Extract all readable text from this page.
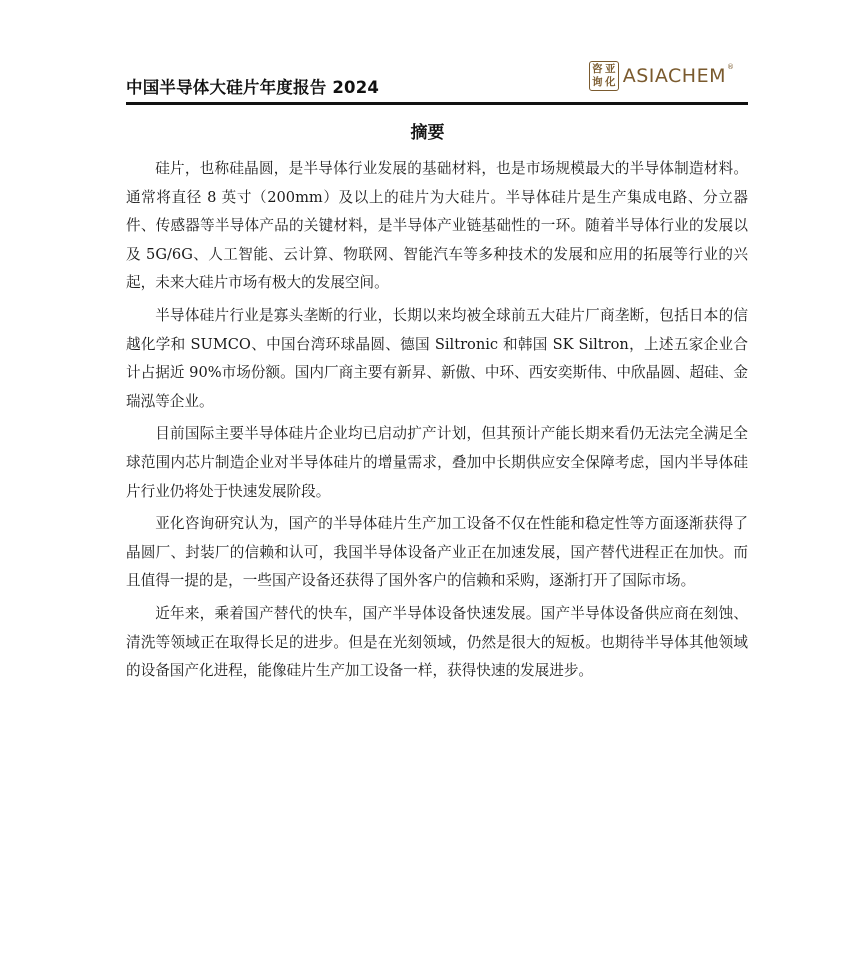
中国半导体大硅片年度报告 2024
咨 亚
询 化 ASIACHEM ®
摘要

硅片，也称硅晶圆，是半导体行业发展的基础材料，也是市场规模最大的半导体制造材料。通常将直径 8 英寸（200mm）及以上的硅片为大硅片。半导体硅片是生产集成电路、分立器件、传感器等半导体产品的关键材料，是半导体产业链基础性的一环。随着半导体行业的发展以及 5G/6G、人工智能、云计算、物联网、智能汽车等多种技术的发展和应用的拓展等行业的兴起，未来大硅片市场有极大的发展空间。

半导体硅片行业是寡头垄断的行业，长期以来均被全球前五大硅片厂商垄断，包括日本的信越化学和 SUMCO、中国台湾环球晶圆、德国 Siltronic 和韩国 SK Siltron，上述五家企业合计占据近 90%市场份额。国内厂商主要有新昇、新傲、中环、西安奕斯伟、中欣晶圆、超硅、金瑞泓等企业。

目前国际主要半导体硅片企业均已启动扩产计划，但其预计产能长期来看仍无法完全满足全球范围内芯片制造企业对半导体硅片的增量需求，叠加中长期供应安全保障考虑，国内半导体硅片行业仍将处于快速发展阶段。

亚化咨询研究认为，国产的半导体硅片生产加工设备不仅在性能和稳定性等方面逐渐获得了晶圆厂、封装厂的信赖和认可，我国半导体设备产业正在加速发展，国产替代进程正在加快。而且值得一提的是，一些国产设备还获得了国外客户的信赖和采购，逐渐打开了国际市场。

近年来，乘着国产替代的快车，国产半导体设备快速发展。国产半导体设备供应商在刻蚀、清洗等领域正在取得长足的进步。但是在光刻领域，仍然是很大的短板。也期待半导体其他领域的设备国产化进程，能像硅片生产加工设备一样，获得快速的发展进步。
